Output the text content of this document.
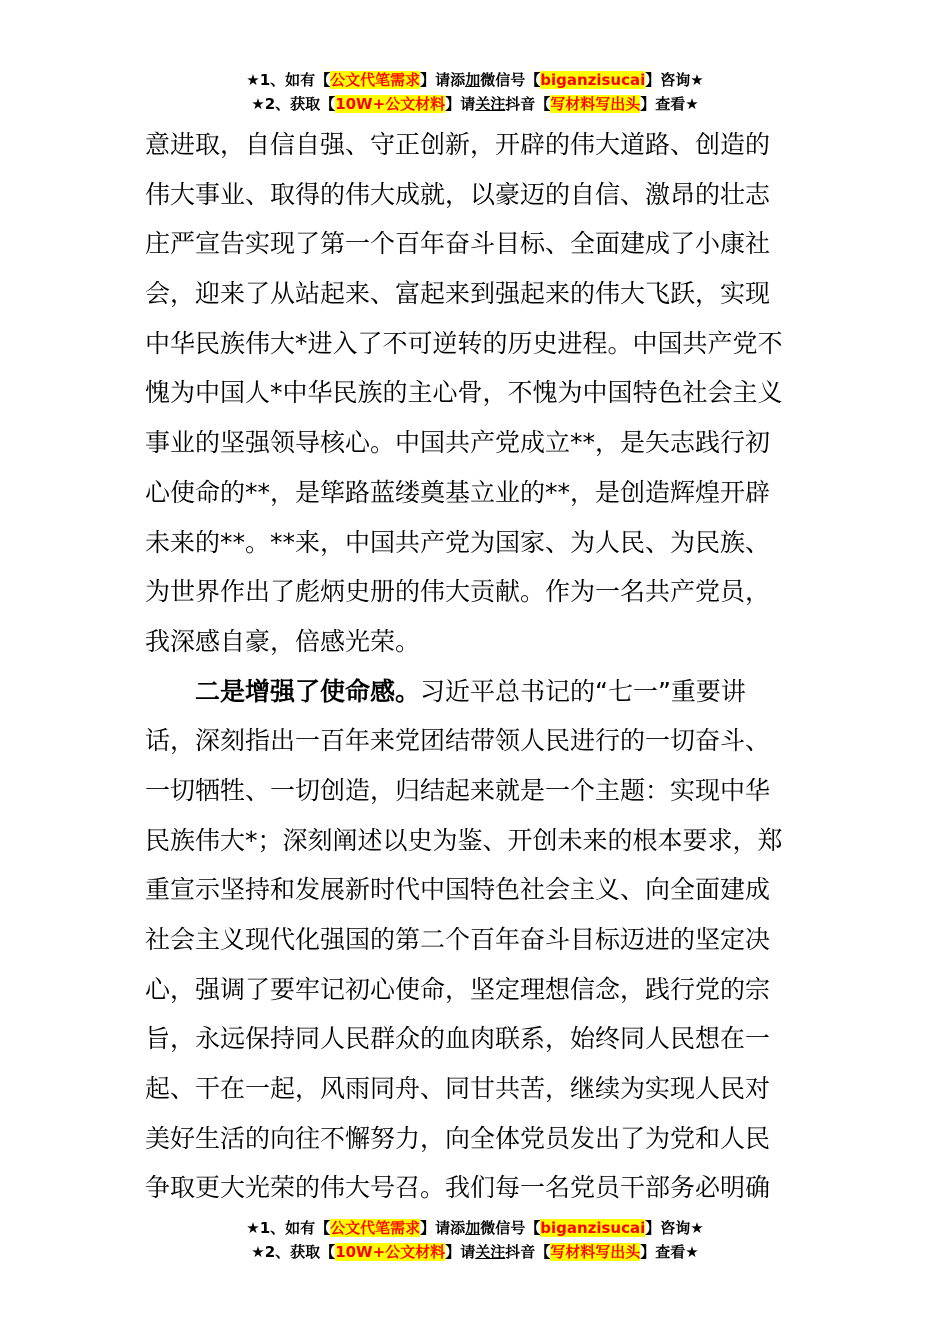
★1、如有【公文代笔需求】请添加微信号【biganzisucai】咨询★
★2、获取【10W+公文材料】请关注抖音【写材料写出头】查看★
意进取，自信自强、守正创新，开辟的伟大道路、创造的
伟大事业、取得的伟大成就，以豪迈的自信、激昂的壮志
庄严宣告实现了第一个百年奋斗目标、全面建成了小康社
会，迎来了从站起来、富起来到强起来的伟大飞跃，实现
中华民族伟大*进入了不可逆转的历史进程。中国共产党不
愧为中国人*中华民族的主心骨，不愧为中国特色社会主义
事业的坚强领导核心。中国共产党成立**，是矢志践行初
心使命的**，是筚路蓝缕奠基立业的**，是创造辉煌开辟
未来的**。**来，中国共产党为国家、为人民、为民族、
为世界作出了彪炳史册的伟大贡献。作为一名共产党员，
我深感自豪，倍感光荣。
二是增强了使命感。习近平总书记的“七一”重要讲
话，深刻指出一百年来党团结带领人民进行的一切奋斗、
一切牺牲、一切创造，归结起来就是一个主题：实现中华
民族伟大*；深刻阐述以史为鉴、开创未来的根本要求，郑
重宣示坚持和发展新时代中国特色社会主义、向全面建成
社会主义现代化强国的第二个百年奋斗目标迈进的坚定决
心，强调了要牢记初心使命，坚定理想信念，践行党的宗
旨，永远保持同人民群众的血肉联系，始终同人民想在一
起、干在一起，风雨同舟、同甘共苦，继续为实现人民对
美好生活的向往不懈努力，向全体党员发出了为党和人民
争取更大光荣的伟大号召。我们每一名党员干部务必明确
★1、如有【公文代笔需求】请添加微信号【biganzisucai】咨询★
★2、获取【10W+公文材料】请关注抖音【写材料写出头】查看★
